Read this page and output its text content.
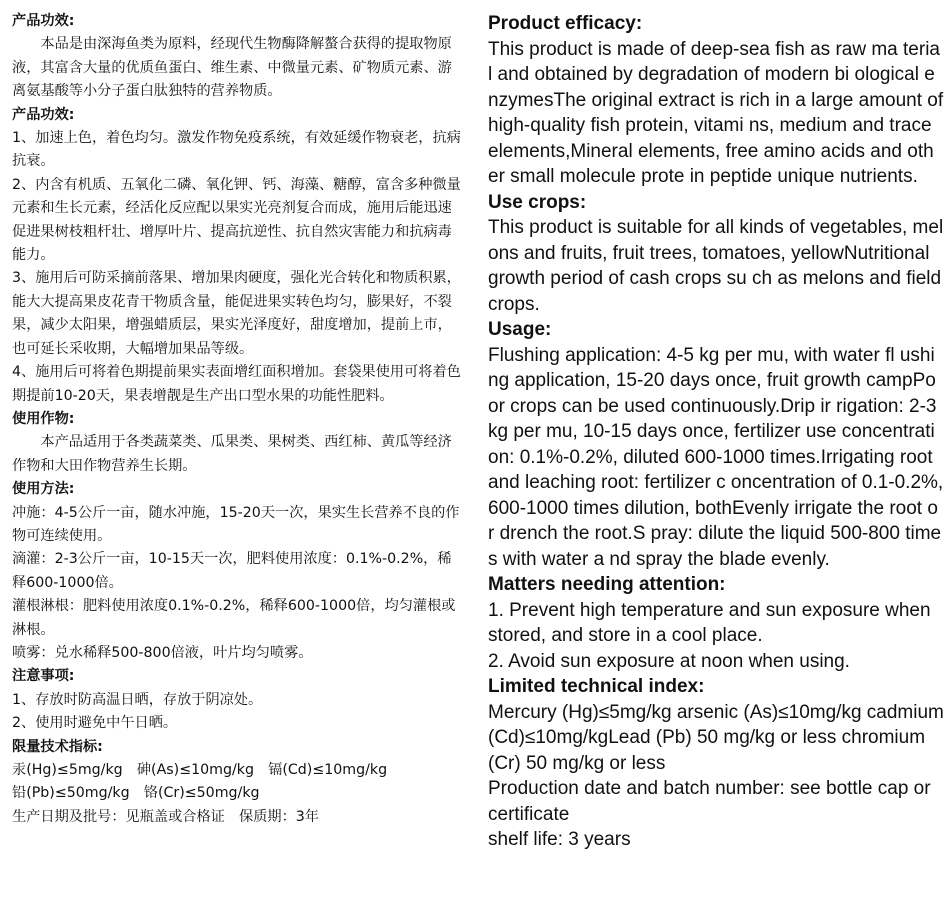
产品功效:
本品是由深海鱼类为原料，经现代生物酶降解螯合获得的提取物原液，其富含大量的优质鱼蛋白、维生素、中微量元素、矿物质元素、游离氨基酸等小分子蛋白肽独特的营养物质。
产品功效:
1、加速上色，着色均匀。激发作物免疫系统，有效延缓作物衰老，抗病抗衰。
2、内含有机质、五氧化二磷、氧化钾、钙、海藻、糖醇，富含多种微量元素和生长元素，经活化反应配以果实光亮剂复合而成，施用后能迅速促进果树枝粗杆壮、增厚叶片、提高抗逆性、抗自然灾害能力和抗病毒能力。
3、施用后可防采摘前落果、增加果肉硬度，强化光合转化和物质积累，能大大提高果皮花青干物质含量，能促进果实转色均匀，膨果好，不裂果，减少太阳果，增强蜡质层，果实光泽度好，甜度增加，提前上市，也可延长采收期，大幅增加果品等级。
4、施用后可将着色期提前果实表面增红面积增加。套袋果使用可将着色期提前10-20天，果表增靓是生产出口型水果的功能性肥料。
使用作物:
本产品适用于各类蔬菜类、瓜果类、果树类、西红柿、黄瓜等经济作物和大田作物营养生长期。
使用方法:
冲施：4-5公斤一亩，随水冲施，15-20天一次，果实生长营养不良的作物可连续使用。
滴灌：2-3公斤一亩，10-15天一次，肥料使用浓度：0.1%-0.2%，稀释600-1000倍。
灌根淋根：肥料使用浓度0.1%-0.2%，稀释600-1000倍，均匀灌根或淋根。
喷雾：兑水稀释500-800倍液，叶片均匀喷雾。
注意事项:
1、存放时防高温日晒，存放于阴凉处。
2、使用时避免中午日晒。
限量技术指标:
汞(Hg)≤5mg/kg　砷(As)≤10mg/kg　镉(Cd)≤10mg/kg
铅(Pb)≤50mg/kg　铬(Cr)≤50mg/kg
生产日期及批号：见瓶盖或合格证　保质期：3年
Product efficacy:
This product is made of deep-sea fish as raw ma terial and obtained by degradation of modern bi ological enzymesThe original extract is rich in a large amount of high-quality fish protein, vitami ns, medium and trace elements,Mineral elements, free amino acids and other small molecule prote in peptide unique nutrients.
Use crops:
This product is suitable for all kinds of vegetables, melons and fruits, fruit trees, tomatoes, yellowNutritional growth period of cash crops su ch as melons and field crops.
Usage:
Flushing application: 4-5 kg per mu, with water fl ushing application, 15-20 days once, fruit growth campPoor crops can be used continuously.Drip ir rigation: 2-3 kg per mu, 10-15 days once, fertilizer use concentration: 0.1%-0.2%, diluted 600-1000 times.Irrigating root and leaching root: fertilizer c oncentration of 0.1-0.2%, 600-1000 times dilution, bothEvenly irrigate the root or drench the root.S pray: dilute the liquid 500-800 times with water a nd spray the blade evenly.
Matters needing attention:
1. Prevent high temperature and sun exposure when stored, and store in a cool place.
2. Avoid sun exposure at noon when using.
Limited technical index:
Mercury (Hg)≤5mg/kg arsenic (As)≤10mg/kg cadmium (Cd)≤10mg/kgLead (Pb) 50 mg/kg or less chromium (Cr) 50 mg/kg or less
Production date and batch number: see bottle cap or certificate
shelf life: 3 years
